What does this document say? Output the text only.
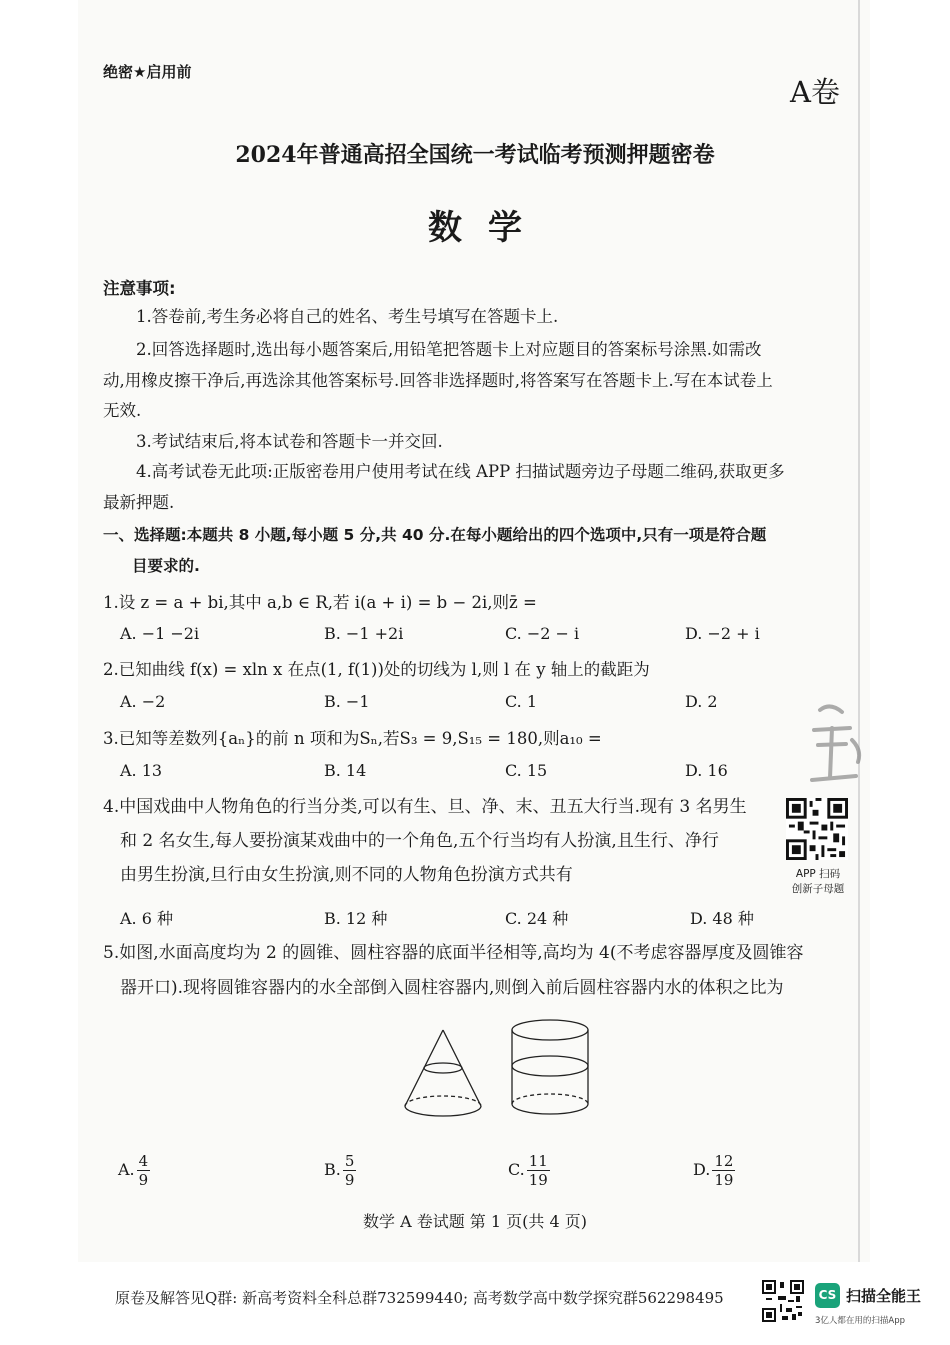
绝密★启用前
A卷
2024年普通高招全国统一考试临考预测押题密卷
数学
注意事项:
1.答卷前,考生务必将自己的姓名、考生号填写在答题卡上.
2.回答选择题时,选出每小题答案后,用铅笔把答题卡上对应题目的答案标号涂黑.如需改
动,用橡皮擦干净后,再选涂其他答案标号.回答非选择题时,将答案写在答题卡上.写在本试卷上
无效.
3.考试结束后,将本试卷和答题卡一并交回.
4.高考试卷无此项:正版密卷用户使用考试在线 APP 扫描试题旁边子母题二维码,获取更多
最新押题.
一、选择题:本题共 8 小题,每小题 5 分,共 40 分.在每小题给出的四个选项中,只有一项是符合题
目要求的.
1.设 z = a + bi,其中 a,b ∈ R,若 i(a + i) = b − 2i,则z̄ =
A. −1 −2i	B. −1 +2i	C. −2 − i	D. −2 + i
2.已知曲线 f(x) = xln x 在点(1, f(1))处的切线为 l,则 l 在 y 轴上的截距为
A. −2	B. −1	C. 1	D. 2
3.已知等差数列{aₙ}的前 n 项和为Sₙ,若S₃ = 9,S₁₅ = 180,则a₁₀ =
A. 13	B. 14	C. 15	D. 16
4.中国戏曲中人物角色的行当分类,可以有生、旦、净、末、丑五大行当.现有 3 名男生
和 2 名女生,每人要扮演某戏曲中的一个角色,五个行当均有人扮演,且生行、净行
由男生扮演,旦行由女生扮演,则不同的人物角色扮演方式共有
A. 6 种	B. 12 种	C. 24 种	D. 48 种
APP 扫码
创新子母题
5.如图,水面高度均为 2 的圆锥、圆柱容器的底面半径相等,高均为 4(不考虑容器厚度及圆锥容
器开口).现将圆锥容器内的水全部倒入圆柱容器内,则倒入前后圆柱容器内水的体积之比为
A. $\frac{4}{9}$	B. $\frac{5}{9}$	C. $\frac{11}{19}$	D. $\frac{12}{19}$
数学 A 卷试题 第 1 页(共 4 页)
原卷及解答见Q群: 新高考资料全科总群732599440; 高考数学高中数学探究群562298495	CS 扫描全能王
3亿人都在用的扫描App
